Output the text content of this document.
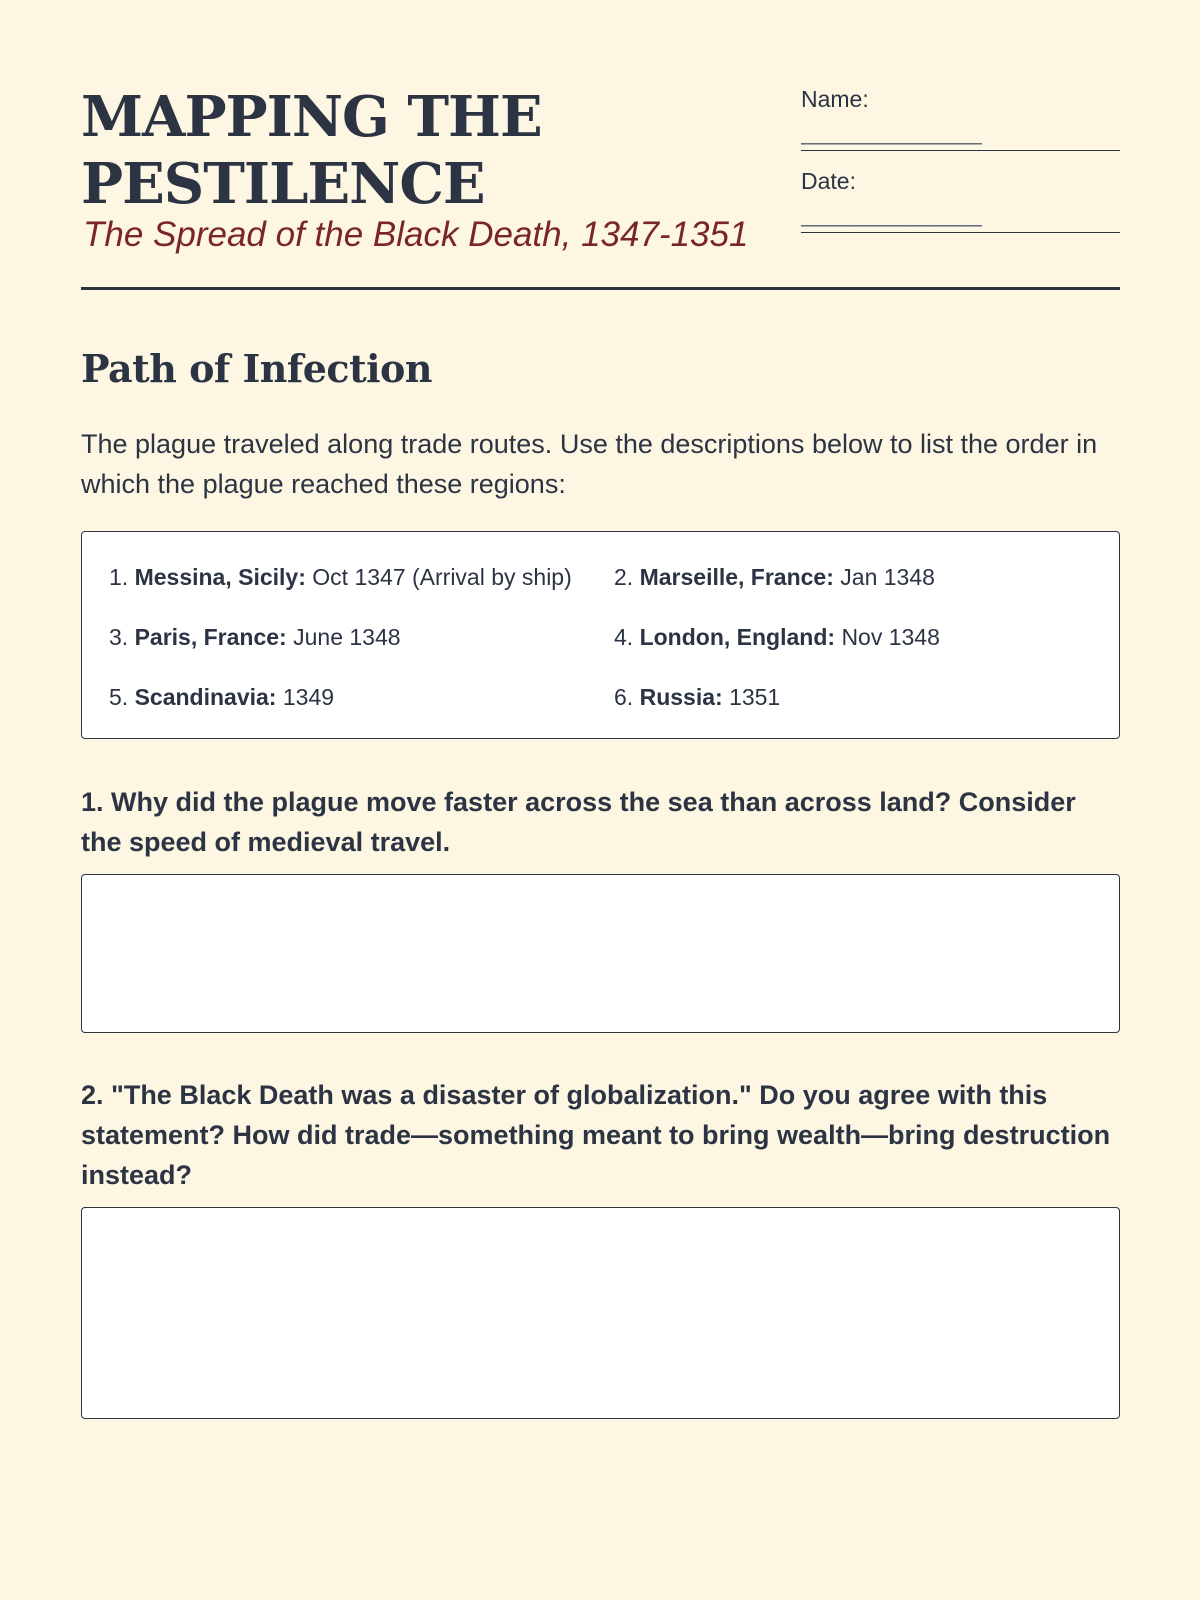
MAPPING THE
PESTILENCE

The Spread of the Black Death, 1347-1351

Name:
________________
Date:
________________
Path of Infection

The plague traveled along trade routes. Use the descriptions below to list the order in which the plague reached these regions:

1. Messina, Sicily: Oct 1347 (Arrival by ship) 2. Marseille, France: Jan 1348
3. Paris, France: June 1348	4. London, England: Nov 1348
5. Scandinavia: 1349	6. Russia: 1351

1. Why did the plague move faster across the sea than across land? Consider the speed of medieval travel.

2. "The Black Death was a disaster of globalization." Do you agree with this statement? How did trade—something meant to bring wealth—bring destruction instead?
